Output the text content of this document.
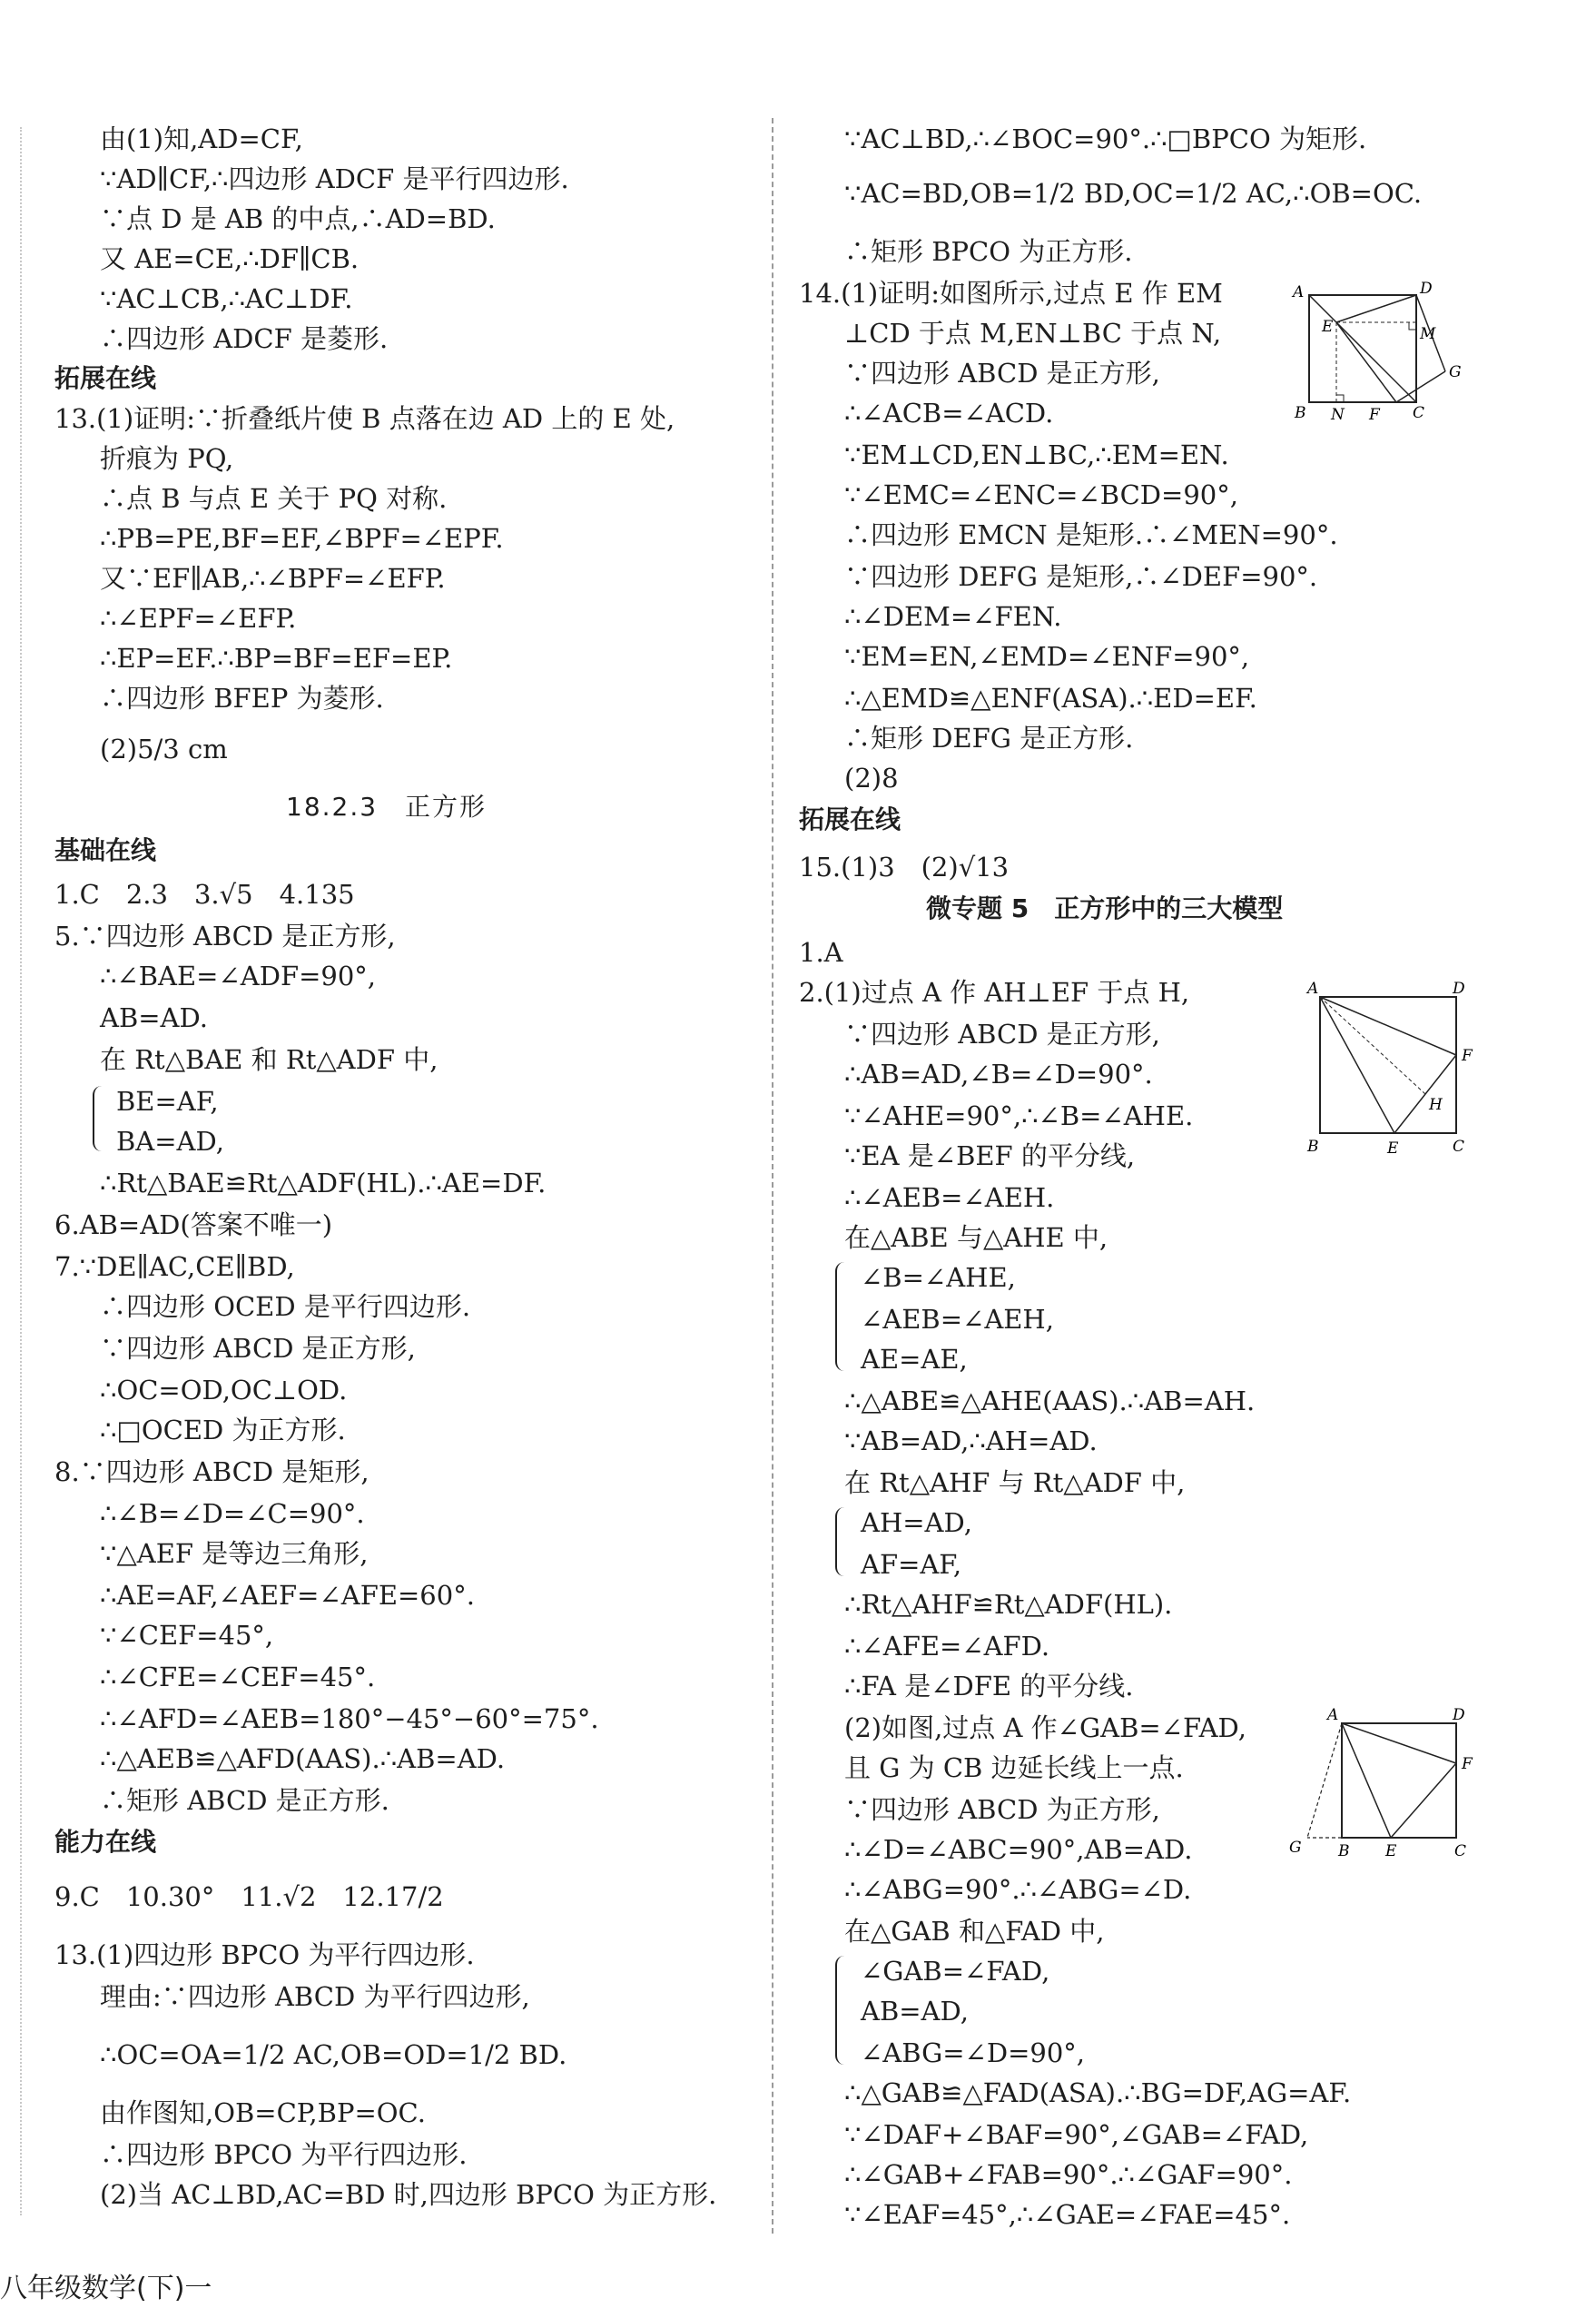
由(1)知,AD=CF,
∵AD∥CF,∴四边形 ADCF 是平行四边形.
∵点 D 是 AB 的中点,∴AD=BD.
又 AE=CE,∴DF∥CB.
∵AC⊥CB,∴AC⊥DF.
∴四边形 ADCF 是菱形.
拓展在线
13.(1)证明:∵折叠纸片使 B 点落在边 AD 上的 E 处,
折痕为 PQ,
∴点 B 与点 E 关于 PQ 对称.
∴PB=PE,BF=EF,∠BPF=∠EPF.
又∵EF∥AB,∴∠BPF=∠EFP.
∴∠EPF=∠EFP.
∴EP=EF.∴BP=BF=EF=EP.
∴四边形 BFEP 为菱形.
(2)5/3 cm
18.2.3　正方形
基础在线
1.C　2.3　3.√5　4.135
5.∵四边形 ABCD 是正方形,
∴∠BAE=∠ADF=90°,
AB=AD.
在 Rt△BAE 和 Rt△ADF 中,
BE=AF,
BA=AD,
∴Rt△BAE≌Rt△ADF(HL).∴AE=DF.
6.AB=AD(答案不唯一)
7.∵DE∥AC,CE∥BD,
∴四边形 OCED 是平行四边形.
∵四边形 ABCD 是正方形,
∴OC=OD,OC⊥OD.
∴□OCED 为正方形.
8.∵四边形 ABCD 是矩形,
∴∠B=∠D=∠C=90°.
∵△AEF 是等边三角形,
∴AE=AF,∠AEF=∠AFE=60°.
∵∠CEF=45°,
∴∠CFE=∠CEF=45°.
∴∠AFD=∠AEB=180°−45°−60°=75°.
∴△AEB≌△AFD(AAS).∴AB=AD.
∴矩形 ABCD 是正方形.
能力在线
9.C　10.30°　11.√2　12.17/2
13.(1)四边形 BPCO 为平行四边形.
理由:∵四边形 ABCD 为平行四边形,
∴OC=OA=1/2 AC,OB=OD=1/2 BD.
由作图知,OB=CP,BP=OC.
∴四边形 BPCO 为平行四边形.
(2)当 AC⊥BD,AC=BD 时,四边形 BPCO 为正方形.
∵AC⊥BD,∴∠BOC=90°.∴□BPCO 为矩形.
∵AC=BD,OB=1/2 BD,OC=1/2 AC,∴OB=OC.
∴矩形 BPCO 为正方形.
14.(1)证明:如图所示,过点 E 作 EM
⊥CD 于点 M,EN⊥BC 于点 N,
∵四边形 ABCD 是正方形,
∴∠ACB=∠ACD.
∵EM⊥CD,EN⊥BC,∴EM=EN.
∵∠EMC=∠ENC=∠BCD=90°,
∴四边形 EMCN 是矩形.∴∠MEN=90°.
∵四边形 DEFG 是矩形,∴∠DEF=90°.
∴∠DEM=∠FEN.
∵EM=EN,∠EMD=∠ENF=90°,
∴△EMD≌△ENF(ASA).∴ED=EF.
∴矩形 DEFG 是正方形.
(2)8
拓展在线
15.(1)3　(2)√13
微专题 5　正方形中的三大模型
1.A
2.(1)过点 A 作 AH⊥EF 于点 H,
∵四边形 ABCD 是正方形,
∴AB=AD,∠B=∠D=90°.
∵∠AHE=90°,∴∠B=∠AHE.
∵EA 是∠BEF 的平分线,
∴∠AEB=∠AEH.
在△ABE 与△AHE 中,
∠B=∠AHE,
∠AEB=∠AEH,
AE=AE,
∴△ABE≌△AHE(AAS).∴AB=AH.
∵AB=AD,∴AH=AD.
在 Rt△AHF 与 Rt△ADF 中,
AH=AD,
AF=AF,
∴Rt△AHF≌Rt△ADF(HL).
∴∠AFE=∠AFD.
∴FA 是∠DFE 的平分线.
(2)如图,过点 A 作∠GAB=∠FAD,
且 G 为 CB 边延长线上一点.
∵四边形 ABCD 为正方形,
∴∠D=∠ABC=90°,AB=AD.
∴∠ABG=90°.∴∠ABG=∠D.
在△GAB 和△FAD 中,
∠GAB=∠FAD,
AB=AD,
∠ABG=∠D=90°,
∴△GAB≌△FAD(ASA).∴BG=DF,AG=AF.
∵∠DAF+∠BAF=90°,∠GAB=∠FAD,
∴∠GAB+∠FAB=90°.∴∠GAF=90°.
∵∠EAF=45°,∴∠GAE=∠FAE=45°.
A	D
E	M
G
B N F C
A	D
F
H
B	E	C
A	D
F
G B E	C
八年级数学(下)一
